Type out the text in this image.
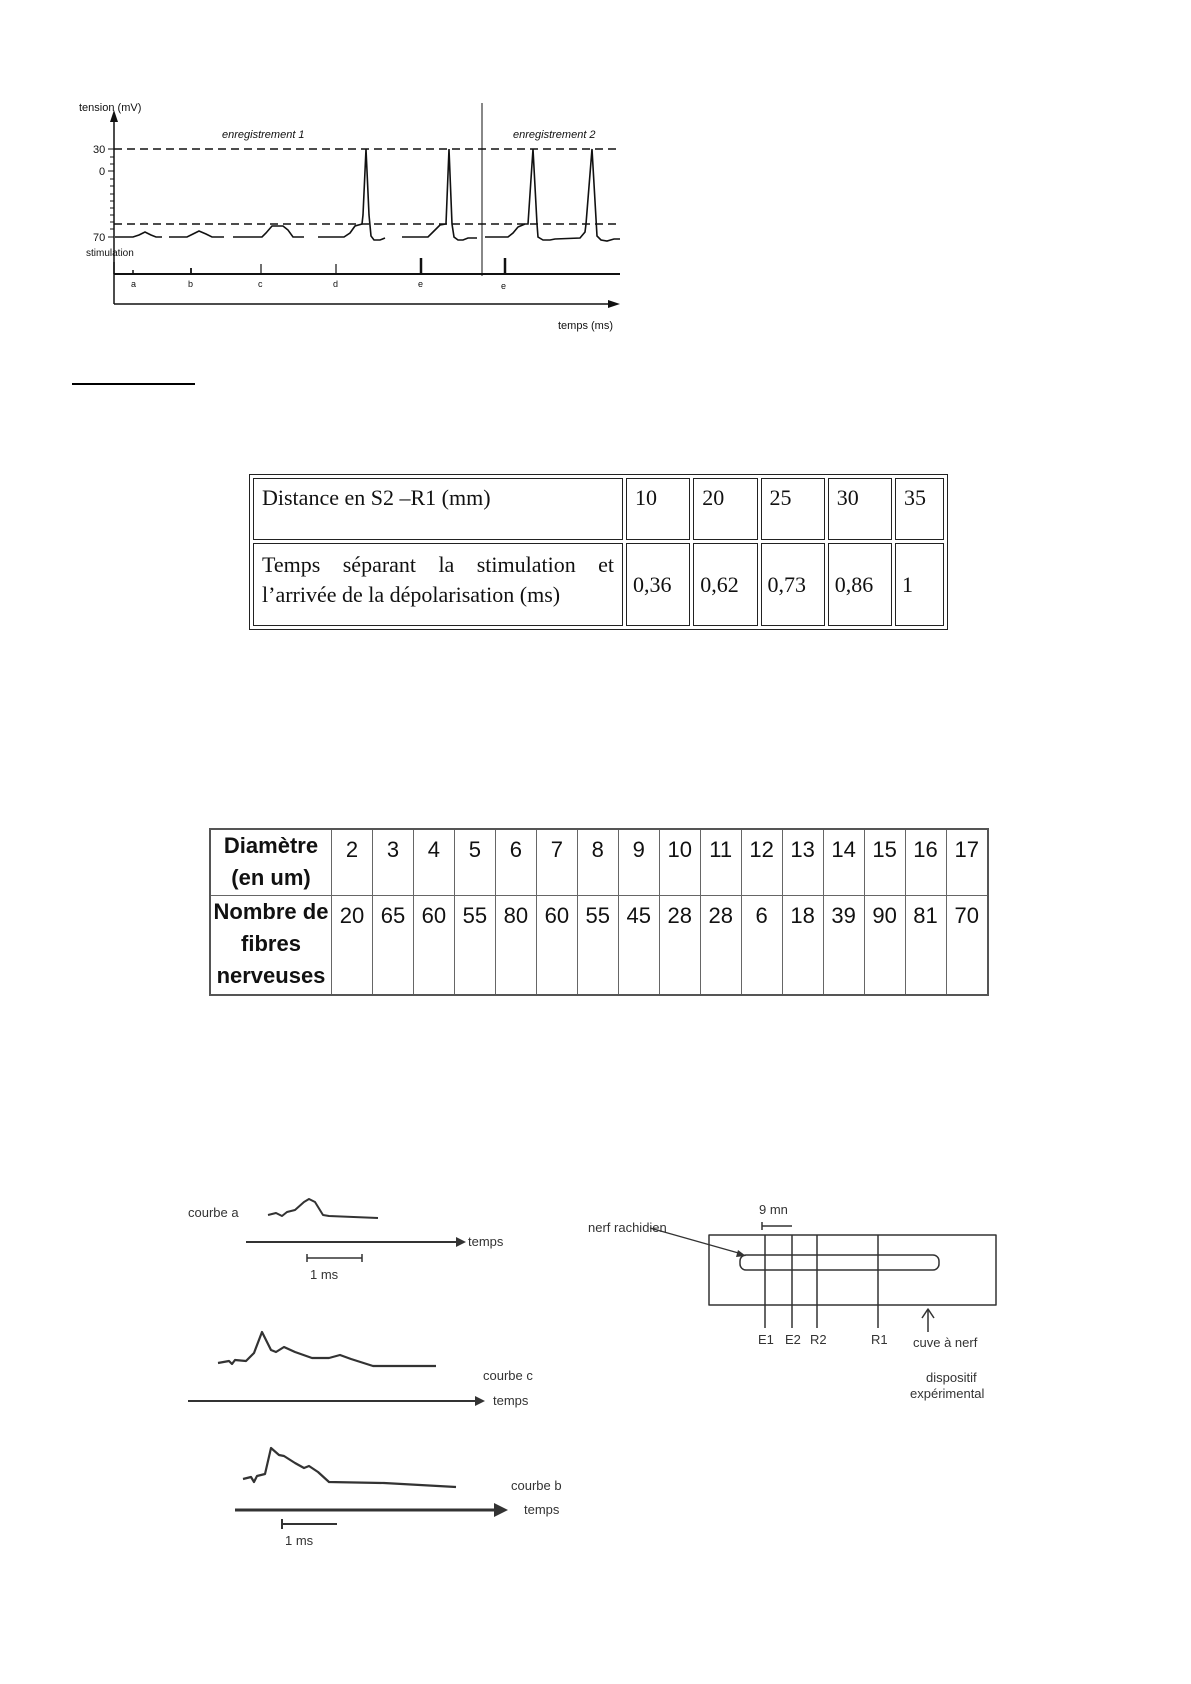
tension (mV)
30
0
70
stimulation
enregistrement 1	enregistrement 2
temps (ms)
a	b	c	d	e	e
Distance en S2 –R1 (mm)	10	20	25	30	35
Temps séparant la stimulation et l’arrivée de la dépolarisation (ms)	0,36	0,62	0,73	0,86	1
Diamètre (en um)	2	3	4	5	6	7	8	9	10	11	12	13	14	15	16	17
Nombre de fibres nerveuses	20	65	60	55	80	60	55	45	28	28	6	18	39	90	81	70
courbe a
temps
1 ms
courbe c
temps
courbe b
temps
1 ms
9 mn
nerf rachidien
E1 E2 R2	R1 cuve à nerf
dispositif
expérimental
